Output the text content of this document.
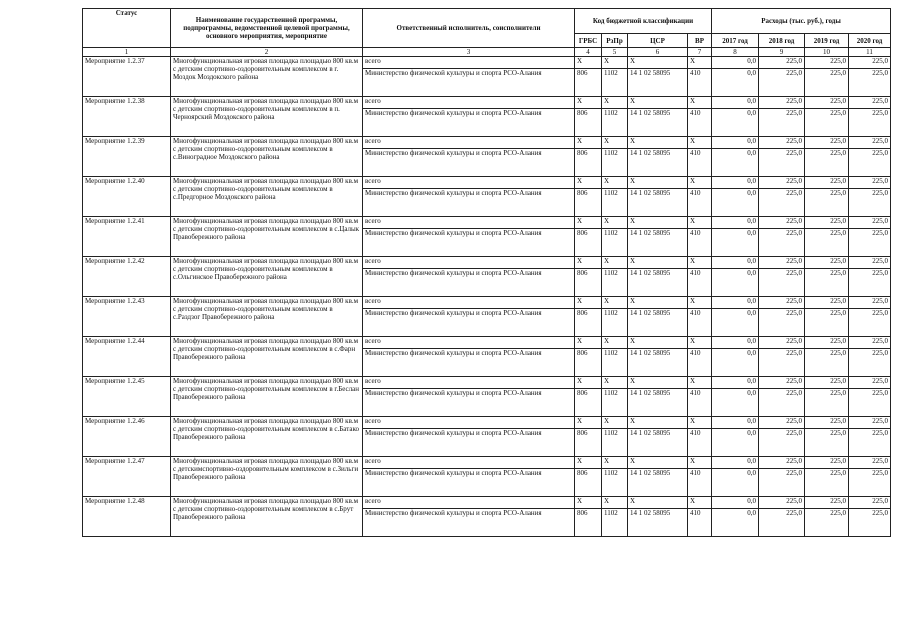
Статус	Наименование государственной программы, подпрограммы, ведомственной целевой программы, основного мероприятия, мероприятие	Ответственный исполнитель, соисполнители	Код бюджетной классификации				Расходы (тыс. руб.), годы			
			ГРБС	РзПр	ЦСР	ВР	2017 год	2018 год	2019 год	2020 год
1	2	3	4	5	6	7	8	9	10	11
Мероприятие 1.2.37	Многофункциональная игровая площадка площадью 800 кв.м с детским спортивно-оздоровительным комплексом в г. Моздок Моздокского района	всего	X	X	X	X	0,0	225,0	225,0	225,0
		Министерство физической культуры и спорта РСО-Алания	806	1102	14 1 02 58095	410	0,0	225,0	225,0	225,0
Мероприятие 1.2.38	Многофункциональная игровая площадка площадью 800 кв.м с детским спортивно-оздоровительным комплексом в п. Черноярский Моздокского района	всего	X	X	X	X	0,0	225,0	225,0	225,0
		Министерство физической культуры и спорта РСО-Алания	806	1102	14 1 02 58095	410	0,0	225,0	225,0	225,0
Мероприятие 1.2.39	Многофункциональная игровая площадка площадью 800 кв.м с детским спортивно-оздоровительным комплексом в с.Виноградное Моздокского района	всего	X	X	X	X	0,0	225,0	225,0	225,0
		Министерство физической культуры и спорта РСО-Алания	806	1102	14 1 02 58095	410	0,0	225,0	225,0	225,0
Мероприятие 1.2.40	Многофункциональная игровая площадка площадью 800 кв.м с детским спортивно-оздоровительным комплексом в с.Предгорное Моздокского района	всего	X	X	X	X	0,0	225,0	225,0	225,0
		Министерство физической культуры и спорта РСО-Алания	806	1102	14 1 02 58095	410	0,0	225,0	225,0	225,0
Мероприятие 1.2.41	Многофункциональная игровая площадка площадью 800 кв.м с детским спортивно-оздоровительным комплексом в с.Цалык Правобережного района	всего	X	X	X	X	0,0	225,0	225,0	225,0
		Министерство физической культуры и спорта РСО-Алания	806	1102	14 1 02 58095	410	0,0	225,0	225,0	225,0
Мероприятие 1.2.42	Многофункциональная игровая площадка площадью 800 кв.м с детским спортивно-оздоровительным комплексом в с.Ольгинское Правобережного района	всего	X	X	X	X	0,0	225,0	225,0	225,0
		Министерство физической культуры и спорта РСО-Алания	806	1102	14 1 02 58095	410	0,0	225,0	225,0	225,0
Мероприятие 1.2.43	Многофункциональная игровая площадка площадью 800 кв.м с детским спортивно-оздоровительным комплексом в с.Раздзог Правобережного района	всего	X	X	X	X	0,0	225,0	225,0	225,0
		Министерство физической культуры и спорта РСО-Алания	806	1102	14 1 02 58095	410	0,0	225,0	225,0	225,0
Мероприятие 1.2.44	Многофункциональная игровая площадка площадью 800 кв.м с детским спортивно-оздоровительным комплексом в с.Фарн Правобережного района	всего	X	X	X	X	0,0	225,0	225,0	225,0
		Министерство физической культуры и спорта РСО-Алания	806	1102	14 1 02 58095	410	0,0	225,0	225,0	225,0
Мероприятие 1.2.45	Многофункциональная игровая площадка площадью 800 кв.м с детским спортивно-оздоровительным комплексом в г.Беслан Правобережного района	всего	X	X	X	X	0,0	225,0	225,0	225,0
		Министерство физической культуры и спорта РСО-Алания	806	1102	14 1 02 58095	410	0,0	225,0	225,0	225,0
Мероприятие 1.2.46	Многофункциональная игровая площадка площадью 800 кв.м с детским спортивно-оздоровительным комплексом в с.Батако Правобережного района	всего	X	X	X	X	0,0	225,0	225,0	225,0
		Министерство физической культуры и спорта РСО-Алания	806	1102	14 1 02 58095	410	0,0	225,0	225,0	225,0
Мероприятие 1.2.47	Многофункциональная игровая площадка площадью 800 кв.м с детскимспортивно-оздоровительным комплексом в с.Зильги Правобережного района	всего	X	X	X	X	0,0	225,0	225,0	225,0
		Министерство физической культуры и спорта РСО-Алания	806	1102	14 1 02 58095	410	0,0	225,0	225,0	225,0
Мероприятие 1.2.48	Многофункциональная игровая площадка площадью 800 кв.м с детским спортивно-оздоровительным комплексом в с.Брут Правобережного района	всего	X	X	X	X	0,0	225,0	225,0	225,0
		Министерство физической культуры и спорта РСО-Алания	806	1102	14 1 02 58095	410	0,0	225,0	225,0	225,0
